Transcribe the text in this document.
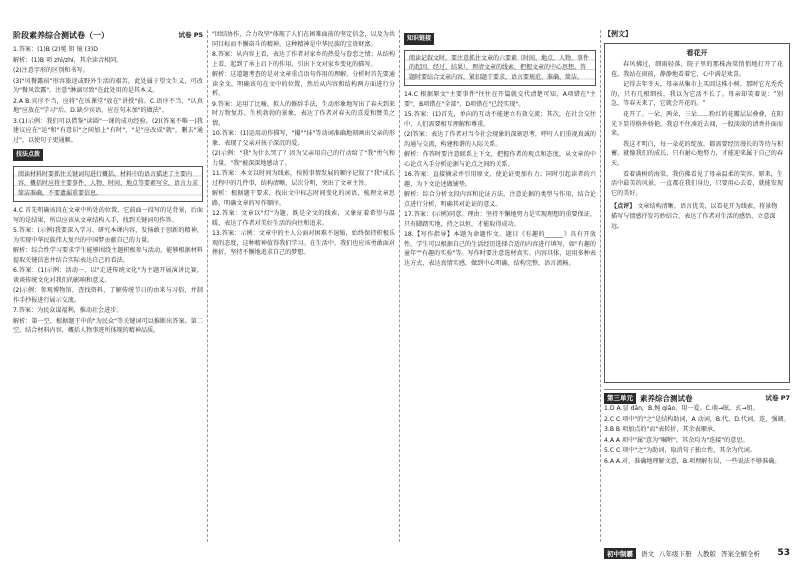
阶段素养综合测试卷（一）	试卷 P5
1.答案：(1)B (2)冕 钥 镜 (3)D
解析：(1)B 项 zhì/zhí，其余读音相同。
(2)注意字形的区别和书写。
(3)"风餐露宿"形容旅途或野外生活的艰苦，此处属于望文生义，可改为"餐风饮露"。注意"淋漓尽致"在此处用的是其本义。
2.A B.宾序不当，应将"在该课堂"放在"讲授"前。C.语序不当，"认真地"应放在"学习"后。D.缺少宾语，应在句末加"的做法"。
3.(1)示例：我们可以借鉴"读圆"一课的成功经验。(2)(答案不唯一)我建议应在"运"和"有意识"之间加上"有时"，"是"应改成"就"，删去"通过"，以使句子更通顺。
技法点拨
阅读材料时要抓住关键词句进行概括。材料中的语言描述了主要内容，概括时应将主要事件、人物、时间、地点等要素写全，语言力求简洁准确，不要遗漏重要信息。
4.C 首先明确该段在文章中所处的位置，它前面一段写的是背景，后面写的是结果，所以应该从文章结构入手，找到关键词句作答。
5.答案：(示例)我要深入学习、研究本课内容，发扬敢于创新的精神，为实现中华民族伟大复兴的中国梦贡献自己的力量。
解析：综合性学习要求学生能够围绕主题积极参与活动，能够根据材料提取关键信息并结合实际表达自己的看法。
6.答案：(1)示例：活动一，以"走进传统文化"为主题开展演讲比赛，谈谈传统文化对我们的影响和意义。
(2)示例：参观博物馆，查找资料，了解传统节日的由来与习俗，并制作手抄报进行展示交流。
7.答案：为民众谋福利，推动社会进步。
解析：第一空，根据题干中的"为民众"等关键词可以推断出答案。第二空，结合材料内容，概括人物事迹所体现的精神品质。
"团结协作，合力攻坚"体现了人们在困难面前的坚定信念，以及为共同目标而不懈奋斗的精神。这种精神是中华民族的宝贵财富。
8.答案：从内容上看，表达了作者对家乡的热爱与眷恋之情；从结构上看，起到了承上启下的作用，引出下文对家乡变化的描写。
解析：这道题考查的是对文章重点语句作用的理解。分析时首先要通读全文，明确该句在文中的位置，然后从内容和结构两方面进行分析。
9.答案：运用了比喻、拟人的修辞手法，生动形象地写出了春天到来时万物复苏、生机勃勃的景象，表达了作者对春天的喜爱和赞美之情。
10.答案：(1)运用动作描写，"攥""抹"等动词准确地刻画出父亲的形象，表现了父亲对孩子深沉的爱。
(2)示例："我"为什么哭了？因为父亲用自己的行动给了"我"勇气和力量，"我"被深深地感动了。
11.答案：本文以时间为线索，按照事情发展的顺序记叙了"我"成长过程中的几件事，结构清晰，层次分明，突出了文章主旨。
解析：根据题干要求，找出文中标志时间变化的词语，梳理文章思路，明确文章的写作顺序。
12.答案：文章以"灯"为题，既是全文的线索，又象征着希望与温暖，表达了作者对美好生活的向往和追求。
13.答案：示例：文章中的主人公面对困难不退缩，始终保持积极乐观的态度，这种精神值得我们学习。在生活中，我们也应该勇敢面对挫折，坚持不懈地追求自己的梦想。
知识链接
阅读记叙文时，要注意抓住文章的六要素（时间、地点、人物、事件的起因、经过、结果），理清文章的线索，把握文章的中心思想。答题时要结合文章内容，紧扣题干要求，语言要规范、准确、简洁。
14.C 根据原文"主要事件"往往在开篇就交代清楚可知，A项错在"主要"，B项错在"全部"，D项错在"已经实现"。
15.答案：(1)首先，单向的互动不能建立有效交流；其次，在社会交往中，人们需要相互理解和尊重。
(2)答案：表达了作者对当今社会现象的深刻思考，呼吁人们重视真诚的沟通与交流，构建和谐的人际关系。
解析：作答时要注意联系上下文，把握作者的观点和态度，从文章的中心论点入手分析论据与论点之间的关系。
16.答案：直接摘录并引用原文，使论证更加有力；同时引起读者的兴趣，为下文论述做铺垫。
解析：综合分析文段内容和论证方法，注意论据的类型与作用，结合论点进行分析，明确其对论证的意义。
17.答案：(示例)同意。理由：坚持不懈地努力是实现理想的重要保证，只有脚踏实地、持之以恒，才能取得成功。
18.【写作指导】本题为命题作文。题目《有趣的______》具有开放性，学生可以根据自己的生活经历选择合适的内容进行填写，如"有趣的童年""有趣的实验"等。写作时要注意选材真实、内容具体，运用多种表达方式，表达真情实感，做到中心明确、结构完整、语言流畅。
【例文】
看花开
春风拂过，细雨轻落，院子里的那株海棠悄悄地打开了花苞。我站在窗前，静静地看着它，心中满是欢喜。
记得去年冬天，母亲从集市上买回这株小树。那时它光秃秃的，只有几根细枝，我以为它活不长了。母亲却笑着说："别急，等春天来了，它就会开花的。"
花开了。一朵，两朵，三朵……粉红的花瓣层层叠叠，在阳光下显得格外娇艳。我忍不住凑近去闻，一股淡淡的清香扑面而来。
我这才明白，每一朵花的绽放，都需要经历漫长的等待与积蓄。就像我们的成长，只有耐心地努力，才能迎来属于自己的春天。
看着满树的海棠，我仿佛看见了母亲温柔的笑容。原来，生活中最美的风景，一直都在我们身边，只要用心去看，就能发现它的美好。
【点评】 文章结构清晰，语言优美，以看花开为线索，将景物描写与情感抒发巧妙结合，表达了作者对生活的感悟，立意深远。
第三单元 素养综合测试卷	试卷 P7
1.D A.昙 dān，B.惋 qiāo，用一爱。C.萌→眩，玄→钥。
2.C C 项中"的"之"是结构助词，A 动词，B.代，D.代词，连，强调。
3.B B 项加点的"而"表转折，其余表顺承。
4.A A 项中"属"意为"嘱咐"，其余均为"连接"的意思。
5.C C 项中"之"为助词，取消句子独立性，其余为代词。
6.A A.对，准确地理解文意，B.项理解有误，一些说法不够准确。
初中制霸	语文 八年级下册 人教版 答案全解全析 53
